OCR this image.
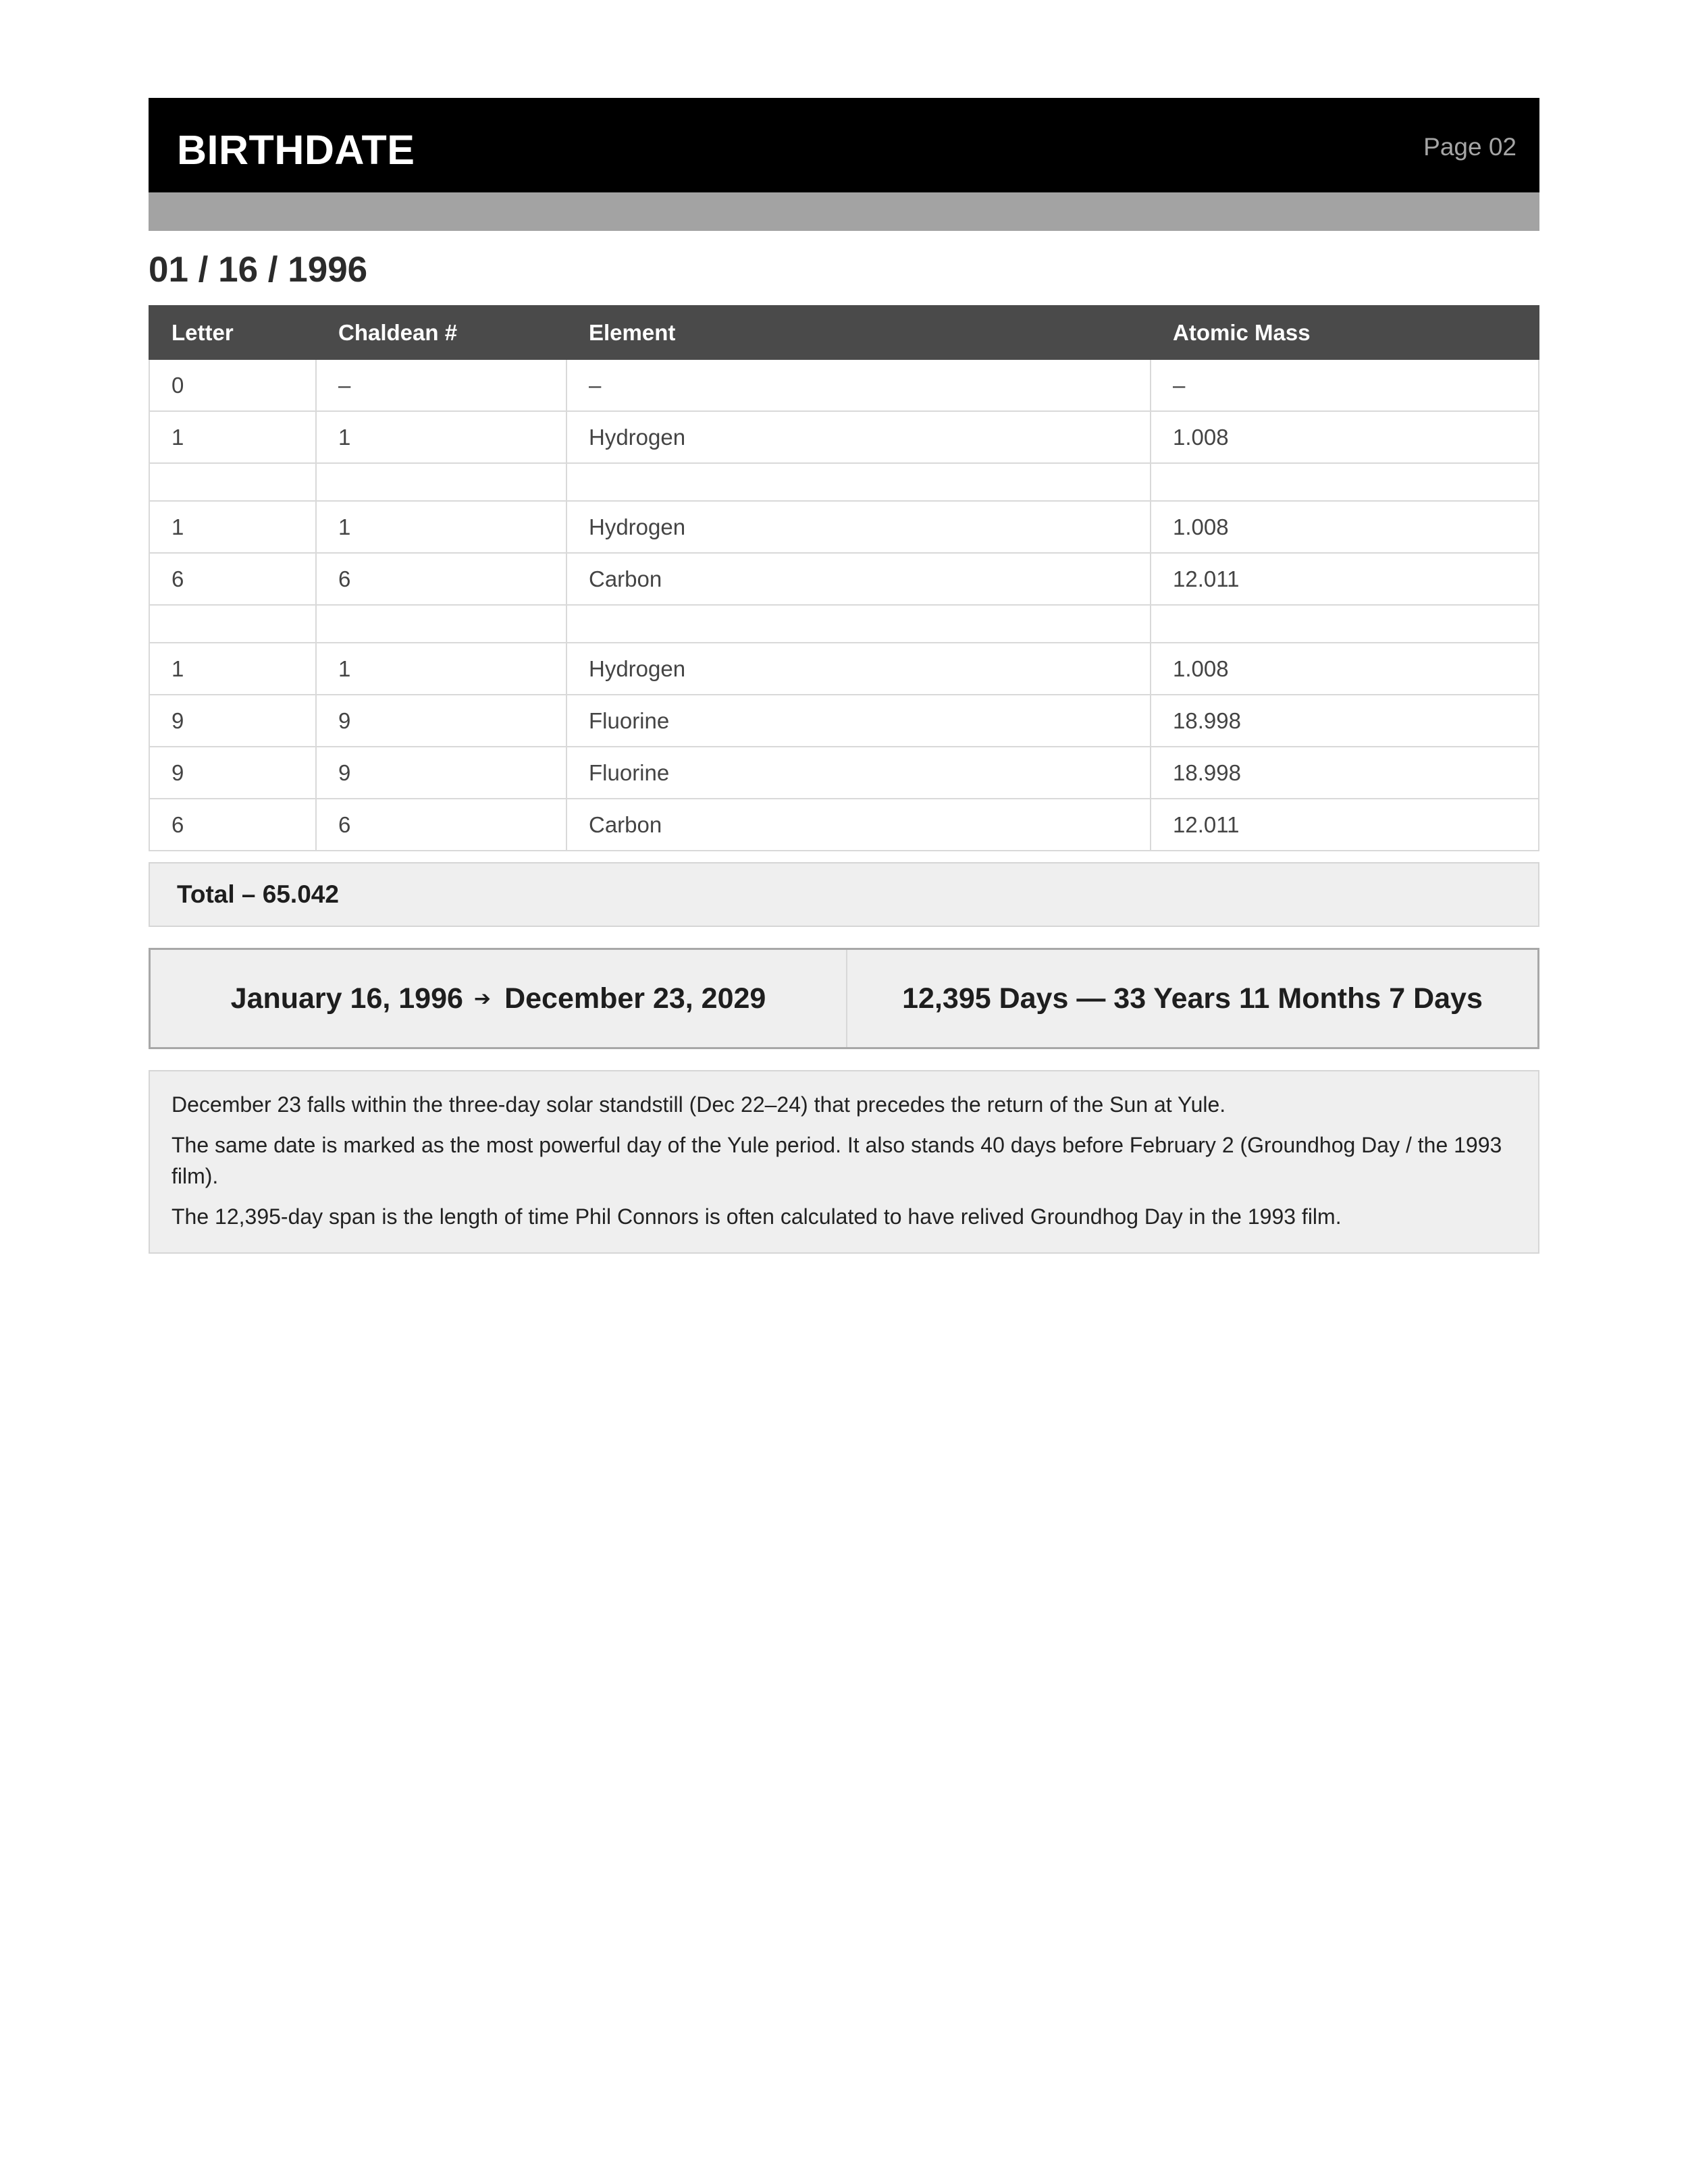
BIRTHDATE	Page 02
01 / 16 / 1996
Letter	Chaldean #	Element	Atomic Mass
0	–	–	–
1	1	Hydrogen	1.008

1	1	Hydrogen	1.008
6	6	Carbon	12.011

1	1	Hydrogen	1.008
9	9	Fluorine	18.998
9	9	Fluorine	18.998
6	6	Carbon	12.011
Total – 65.042
January 16, 1996 ➔ December 23, 2029	12,395 Days — 33 Years 11 Months 7 Days

December 23 falls within the three-day solar standstill (Dec 22–24) that precedes the return of the Sun at Yule.

The same date is marked as the most powerful day of the Yule period. It also stands 40 days before February 2 (Groundhog Day / the 1993 film).

The 12,395-day span is the length of time Phil Connors is often calculated to have relived Groundhog Day in the 1993 film.
